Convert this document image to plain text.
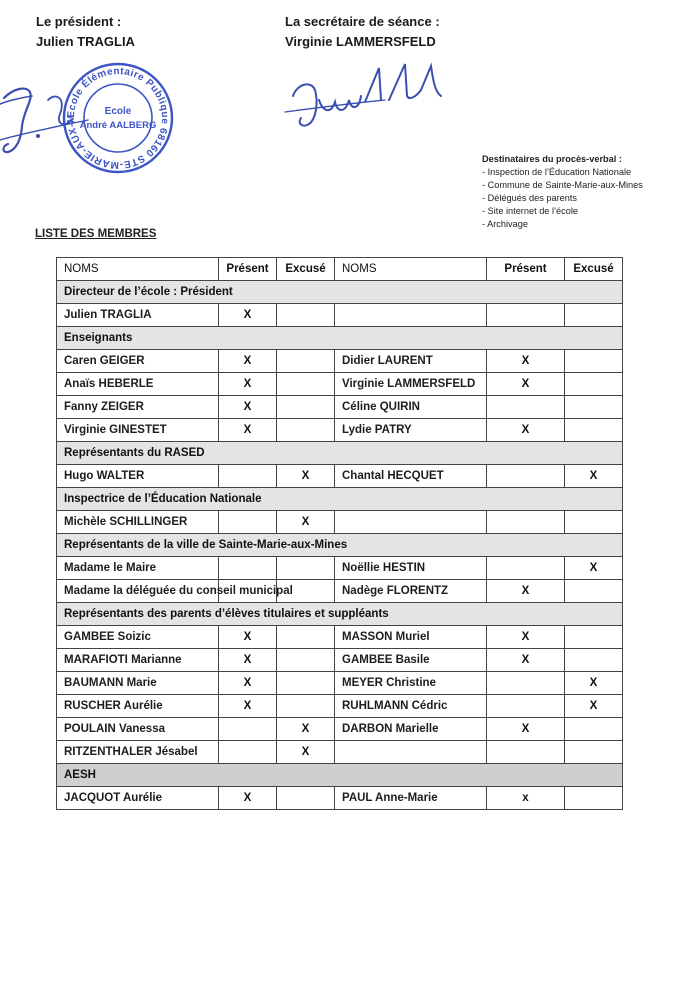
Le président :
Julien TRAGLIA
La secrétaire de séance :
Virginie LAMMERSFELD
Ecole Élémentaire Publique 68160 STE-MARIE-AUX-MINES
Ecole
André AALBERG
Destinataires du procès-verbal :
- Inspection de l’Éducation Nationale
- Commune de Sainte-Marie-aux-Mines
- Délégués des parents
- Site internet de l’école
- Archivage
LISTE DES MEMBRES
NOMS	Présent	Excusé	NOMS	Présent	Excusé
Directeur de l’école : Président					
Julien TRAGLIA	X				
Enseignants					
Caren GEIGER	X		Didier LAURENT	X	
Anaïs HEBERLE	X		Virginie LAMMERSFELD	X	
Fanny ZEIGER	X		Céline QUIRIN		
Virginie GINESTET	X		Lydie PATRY	X	
Représentants du RASED					
Hugo WALTER		X	Chantal HECQUET		X
Inspectrice de l’Éducation Nationale					
Michèle SCHILLINGER		X			
Représentants de la ville de Sainte-Marie-aux-Mines					
Madame le Maire			Noëllie HESTIN		X
Madame la déléguée du conseil municipal			Nadège FLORENTZ	X	
Représentants des parents d’élèves titulaires et suppléants					
GAMBEE Soizic	X		MASSON Muriel	X	
MARAFIOTI Marianne	X		GAMBEE Basile	X	
BAUMANN Marie	X		MEYER Christine		X
RUSCHER Aurélie	X		RUHLMANN Cédric		X
POULAIN Vanessa		X	DARBON Marielle	X	
RITZENTHALER Jésabel		X			
AESH					
JACQUOT Aurélie	X		PAUL Anne-Marie	x	
